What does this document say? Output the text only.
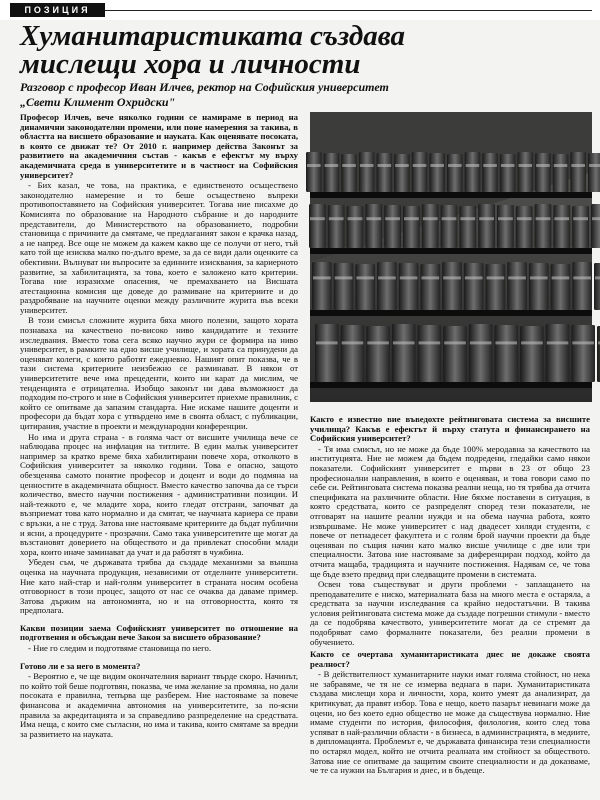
ПОЗИЦИЯ
Хуманитаристиката създава
мислещи хора и личности
Разговор с професор Иван Илчев, ректор на Софийския университет
„Свети Климент Охридски"

Професор Илчев, вече няколко години се намираме в период на динамични законодателни промени, или поне намерения за такива, в областта на висшето образование и науката. Как оценявате посоката, в която се движат те? От 2010 г. например действа Законът за развитието на академичния състав - какъв е ефектът му върху академичната среда в университетите и в частност на Софийския университет?

- Бих казал, че това, на практика, е единственото осъществено законодателно намерение и то беше осъществено въпреки противопоставянето на Софийския университет. Тогава ние писахме до Комисията по образование на Народното събрание и до народните представители, до Министерството на образованието, подробни становища с причините да смятаме, че предлаганият закон е крачка назад, а не напред. Все още не можем да кажем какво ще се получи от него, тъй като той ще изисква малко по-дълго време, за да се види дали оценките са обективни. Вълнуват ни въпросите за единните изисквания, за кариерното развитие, за хабилитацията, за това, което е заложено като критерии. Тогава ние изразихме опасения, че премахването на Висшата атестационна комисия ще доведе до размиване на критериите и до раздробяване на научните оценки между различните журита във всеки университет.

В този смисъл сложните журита бяха много полезни, защото хората познаваха на качествено по-високо ниво кандидатите и техните изследвания. Вместо това сега всяко научно жури се формира на ниво университет, в рамките на едно висше училище, и хората са принудени да оценяват колеги, с които работят ежедневно. Нашият опит показва, че в тази система критериите неизбежно се разминават. В някои от университетите вече има прецеденти, които ни карат да мислим, че тенденцията е отрицателна. Изобщо законът ни дава възможност да подходим по-строго и ние в Софийския университет приехме правилник, с който се опитваме да запазим стандарта. Ние искаме нашите доценти и професори да бъдат хора с утвърдено име в своята област, с публикации, цитирания, участие в проекти и международни конференции.

Но има и друга страна - в голяма част от висшите училища вече се наблюдава процес на инфлация на титлите. В един малък университет например за кратко време бяха хабилитирани повече хора, отколкото в Софийския университет за няколко години. Това е опасно, защото обезценява самото понятие професор и доцент и води до подмяна на ценностите в академичната общност. Вместо качество започва да се търси количество, вместо научни постижения - административни позиции. И най-тежкото е, че младите хора, които гледат отстрани, започват да възприемат това като нормално и да смятат, че научната кариера се прави с връзки, а не с труд. Затова ние настояваме критериите да бъдат публични и ясни, а процедурите - прозрачни. Само така университетите ще могат да възстановят доверието на обществото и да привлекат способни млади хора, които иначе заминават да учат и да работят в чужбина.

Убеден съм, че държавата трябва да създаде механизми за външна оценка на научната продукция, независими от отделните университети. Ние като най-стар и най-голям университет в страната носим особена отговорност в този процес, защото от нас се очаква да даваме пример. Затова държим на автономията, но и на отговорността, която тя предполага.

Какви позиции заема Софийският университет по отношение на подготвения и обсъждан вече Закон за висшето образование?

- Ние го следим и подготвяме становища по него.

Готово ли е за него в момента?

- Вероятно е, че ще видим окончателния вариант твърде скоро. Начинът, по който той беше подготвян, показва, че има желание за промяна, но дали посоката е правилна, тепърва ще разберем. Ние настояваме за повече финансова и академична автономия на университетите, за по-ясни правила за акредитацията и за справедливо разпределение на средствата. Има неща, с които сме съгласни, но има и такива, които смятаме за вредни за развитието на науката.

Както е известно вие въведохте рейтинговата система за висшите училища? Какъв е ефектът й върху статута и финансирането на Софийския университет?

- Тя има смисъл, но не може да бъде 100% меродавна за качеството на институцията. Ние не можем да бъдем подредени, гледайки само някои показатели. Софийският университет е първи в 23 от общо 23 професионални направления, в които е оценяван, и това говори само по себе си. Рейтинговата система показва реални неща, но тя трябва да отчита спецификата на различните области. Ние бяхме поставени в ситуация, в която средствата, които се разпределят според тези показатели, не отговарят на нашите реални нужди и на обема научна работа, която извършваме. Не може университет с над двадесет хиляди студенти, с повече от петнадесет факултета и с голям брой научни проекти да бъде оценяван по същия начин като малко висше училище с две или три специалности. Затова ние настояваме за диференциран подход, който да отчита мащаба, традицията и научните постижения. Надявам се, че това ще бъде взето предвид при следващите промени в системата.

Освен това съществуват и други проблеми - заплащането на преподавателите е ниско, материалната база на много места е остаряла, а средствата за научни изследвания са крайно недостатъчни. В такива условия рейтинговата система може да създаде погрешни стимули - вместо да се подобрява качеството, университетите могат да се стремят да подобряват само формалните показатели, без реални промени в обучението.

Както се очертава хуманитаристиката днес не докаже своята реалност?

- В действителност хуманитарните науки имат голяма стойност, но нека не забравяме, че тя не се измерва веднага в пари. Хуманитаристиката създава мислещи хора и личности, хора, които умеят да анализират, да критикуват, да правят избор. Това е нещо, което пазарът невинаги може да оцени, но без което едно общество не може да съществува нормално. Ние имаме студенти по история, философия, филология, които след това успяват в най-различни области - в бизнеса, в администрацията, в медиите, в дипломацията. Проблемът е, че държавата финансира тези специалности по остарял модел, който не отчита реалната им стойност за обществото. Затова ние се опитваме да защитим своите специалности и да доказваме, че те са нужни на България и днес, и в бъдеще.
